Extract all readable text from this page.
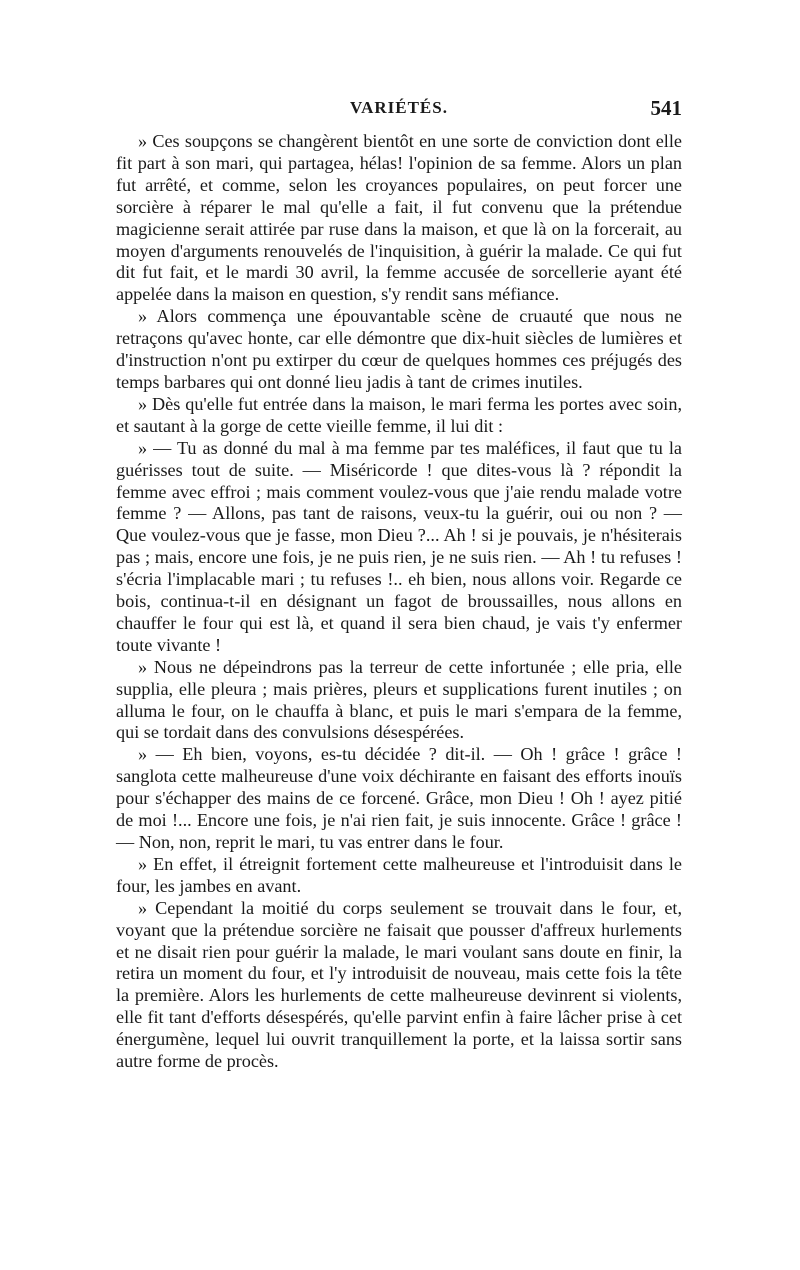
VARIÉTÉS.	541

» Ces soupçons se changèrent bientôt en une sorte de conviction dont elle fit part à son mari, qui partagea, hélas! l'opinion de sa femme. Alors un plan fut arrêté, et comme, selon les croyances populaires, on peut forcer une sorcière à réparer le mal qu'elle a fait, il fut convenu que la prétendue magicienne serait attirée par ruse dans la maison, et que là on la forcerait, au moyen d'arguments renouvelés de l'inquisition, à guérir la malade. Ce qui fut dit fut fait, et le mardi 30 avril, la femme accusée de sorcellerie ayant été appelée dans la maison en question, s'y rendit sans méfiance.

» Alors commença une épouvantable scène de cruauté que nous ne retraçons qu'avec honte, car elle démontre que dix-huit siècles de lumières et d'instruction n'ont pu extirper du cœur de quelques hommes ces préjugés des temps barbares qui ont donné lieu jadis à tant de crimes inutiles.

» Dès qu'elle fut entrée dans la maison, le mari ferma les portes avec soin, et sautant à la gorge de cette vieille femme, il lui dit :

» — Tu as donné du mal à ma femme par tes maléfices, il faut que tu la guérisses tout de suite. — Miséricorde ! que dites-vous là ? répondit la femme avec effroi ; mais comment voulez-vous que j'aie rendu malade votre femme ? — Allons, pas tant de raisons, veux-tu la guérir, oui ou non ? — Que voulez-vous que je fasse, mon Dieu ?... Ah ! si je pouvais, je n'hésiterais pas ; mais, encore une fois, je ne puis rien, je ne suis rien. — Ah ! tu refuses ! s'écria l'implacable mari ; tu refuses !.. eh bien, nous allons voir. Regarde ce bois, continua-t-il en désignant un fagot de broussailles, nous allons en chauffer le four qui est là, et quand il sera bien chaud, je vais t'y enfermer toute vivante !

» Nous ne dépeindrons pas la terreur de cette infortunée ; elle pria, elle supplia, elle pleura ; mais prières, pleurs et supplications furent inutiles ; on alluma le four, on le chauffa à blanc, et puis le mari s'empara de la femme, qui se tordait dans des convulsions désespérées.

» — Eh bien, voyons, es-tu décidée ? dit-il. — Oh ! grâce ! grâce ! sanglota cette malheureuse d'une voix déchirante en faisant des efforts inouïs pour s'échapper des mains de ce forcené. Grâce, mon Dieu ! Oh ! ayez pitié de moi !... Encore une fois, je n'ai rien fait, je suis innocente. Grâce ! grâce ! — Non, non, reprit le mari, tu vas entrer dans le four.

» En effet, il étreignit fortement cette malheureuse et l'introduisit dans le four, les jambes en avant.

» Cependant la moitié du corps seulement se trouvait dans le four, et, voyant que la prétendue sorcière ne faisait que pousser d'affreux hurlements et ne disait rien pour guérir la malade, le mari voulant sans doute en finir, la retira un moment du four, et l'y introduisit de nouveau, mais cette fois la tête la première. Alors les hurlements de cette malheureuse devinrent si violents, elle fit tant d'efforts désespérés, qu'elle parvint enfin à faire lâcher prise à cet énergumène, lequel lui ouvrit tranquillement la porte, et la laissa sortir sans autre forme de procès.
